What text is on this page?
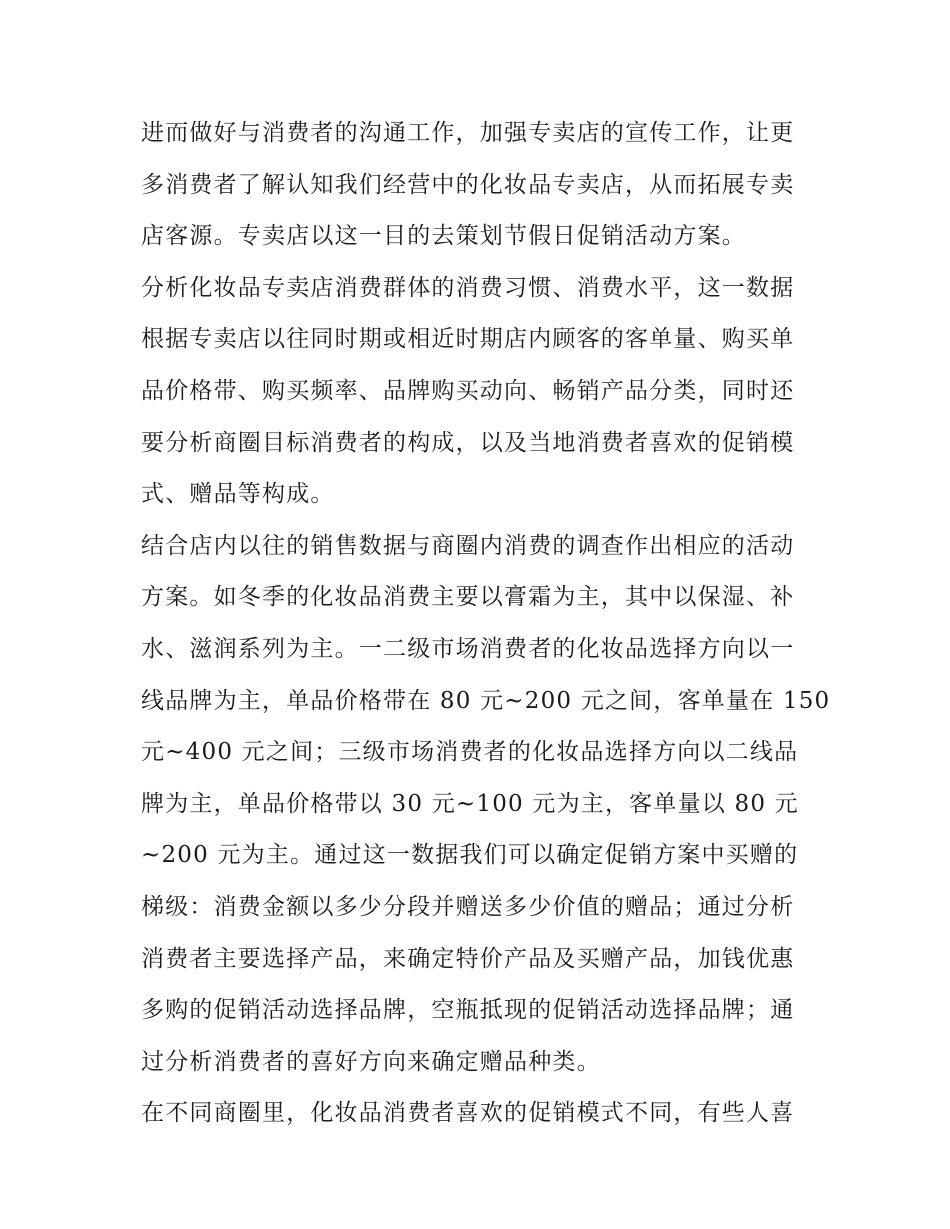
进而做好与消费者的沟通工作，加强专卖店的宣传工作，让更
多消费者了解认知我们经营中的化妆品专卖店，从而拓展专卖
店客源。专卖店以这一目的去策划节假日促销活动方案。
分析化妆品专卖店消费群体的消费习惯、消费水平，这一数据
根据专卖店以往同时期或相近时期店内顾客的客单量、购买单
品价格带、购买频率、品牌购买动向、畅销产品分类，同时还
要分析商圈目标消费者的构成，以及当地消费者喜欢的促销模
式、赠品等构成。
结合店内以往的销售数据与商圈内消费的调查作出相应的活动
方案。如冬季的化妆品消费主要以膏霜为主，其中以保湿、补
水、滋润系列为主。一二级市场消费者的化妆品选择方向以一
线品牌为主，单品价格带在 80 元~200 元之间，客单量在 150
元~400 元之间；三级市场消费者的化妆品选择方向以二线品
牌为主，单品价格带以 30 元~100 元为主，客单量以 80 元
~200 元为主。通过这一数据我们可以确定促销方案中买赠的
梯级：消费金额以多少分段并赠送多少价值的赠品；通过分析
消费者主要选择产品，来确定特价产品及买赠产品，加钱优惠
多购的促销活动选择品牌，空瓶抵现的促销活动选择品牌；通
过分析消费者的喜好方向来确定赠品种类。
在不同商圈里，化妆品消费者喜欢的促销模式不同，有些人喜
